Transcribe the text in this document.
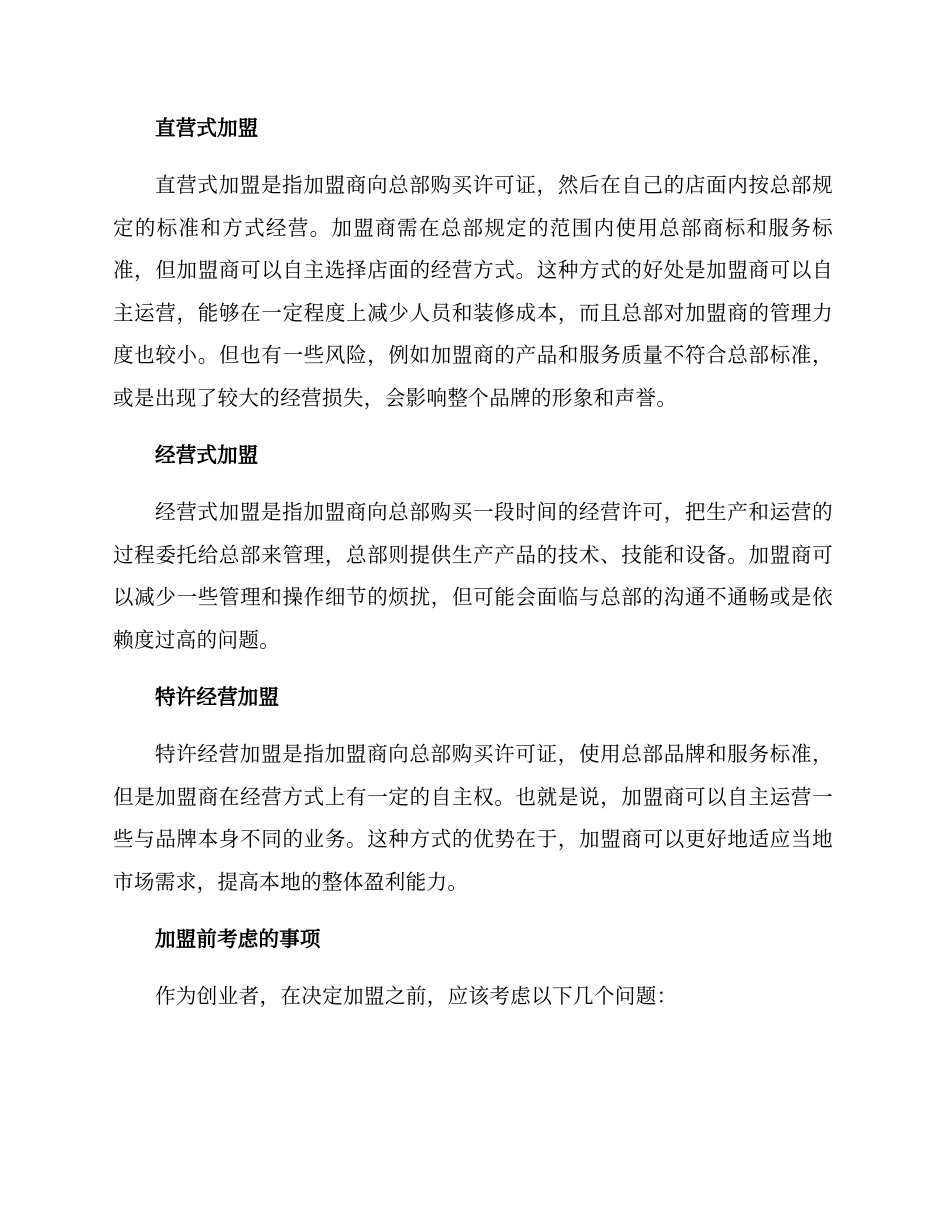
直营式加盟

直营式加盟是指加盟商向总部购买许可证，然后在自己的店面内按总部规定的标准和方式经营。加盟商需在总部规定的范围内使用总部商标和服务标准，但加盟商可以自主选择店面的经营方式。这种方式的好处是加盟商可以自主运营，能够在一定程度上减少人员和装修成本，而且总部对加盟商的管理力度也较小。但也有一些风险，例如加盟商的产品和服务质量不符合总部标准，或是出现了较大的经营损失，会影响整个品牌的形象和声誉。

经营式加盟

经营式加盟是指加盟商向总部购买一段时间的经营许可，把生产和运营的过程委托给总部来管理，总部则提供生产产品的技术、技能和设备。加盟商可以减少一些管理和操作细节的烦扰，但可能会面临与总部的沟通不通畅或是依赖度过高的问题。

特许经营加盟

特许经营加盟是指加盟商向总部购买许可证，使用总部品牌和服务标准，但是加盟商在经营方式上有一定的自主权。也就是说，加盟商可以自主运营一些与品牌本身不同的业务。这种方式的优势在于，加盟商可以更好地适应当地市场需求，提高本地的整体盈利能力。

加盟前考虑的事项

作为创业者，在决定加盟之前，应该考虑以下几个问题：
